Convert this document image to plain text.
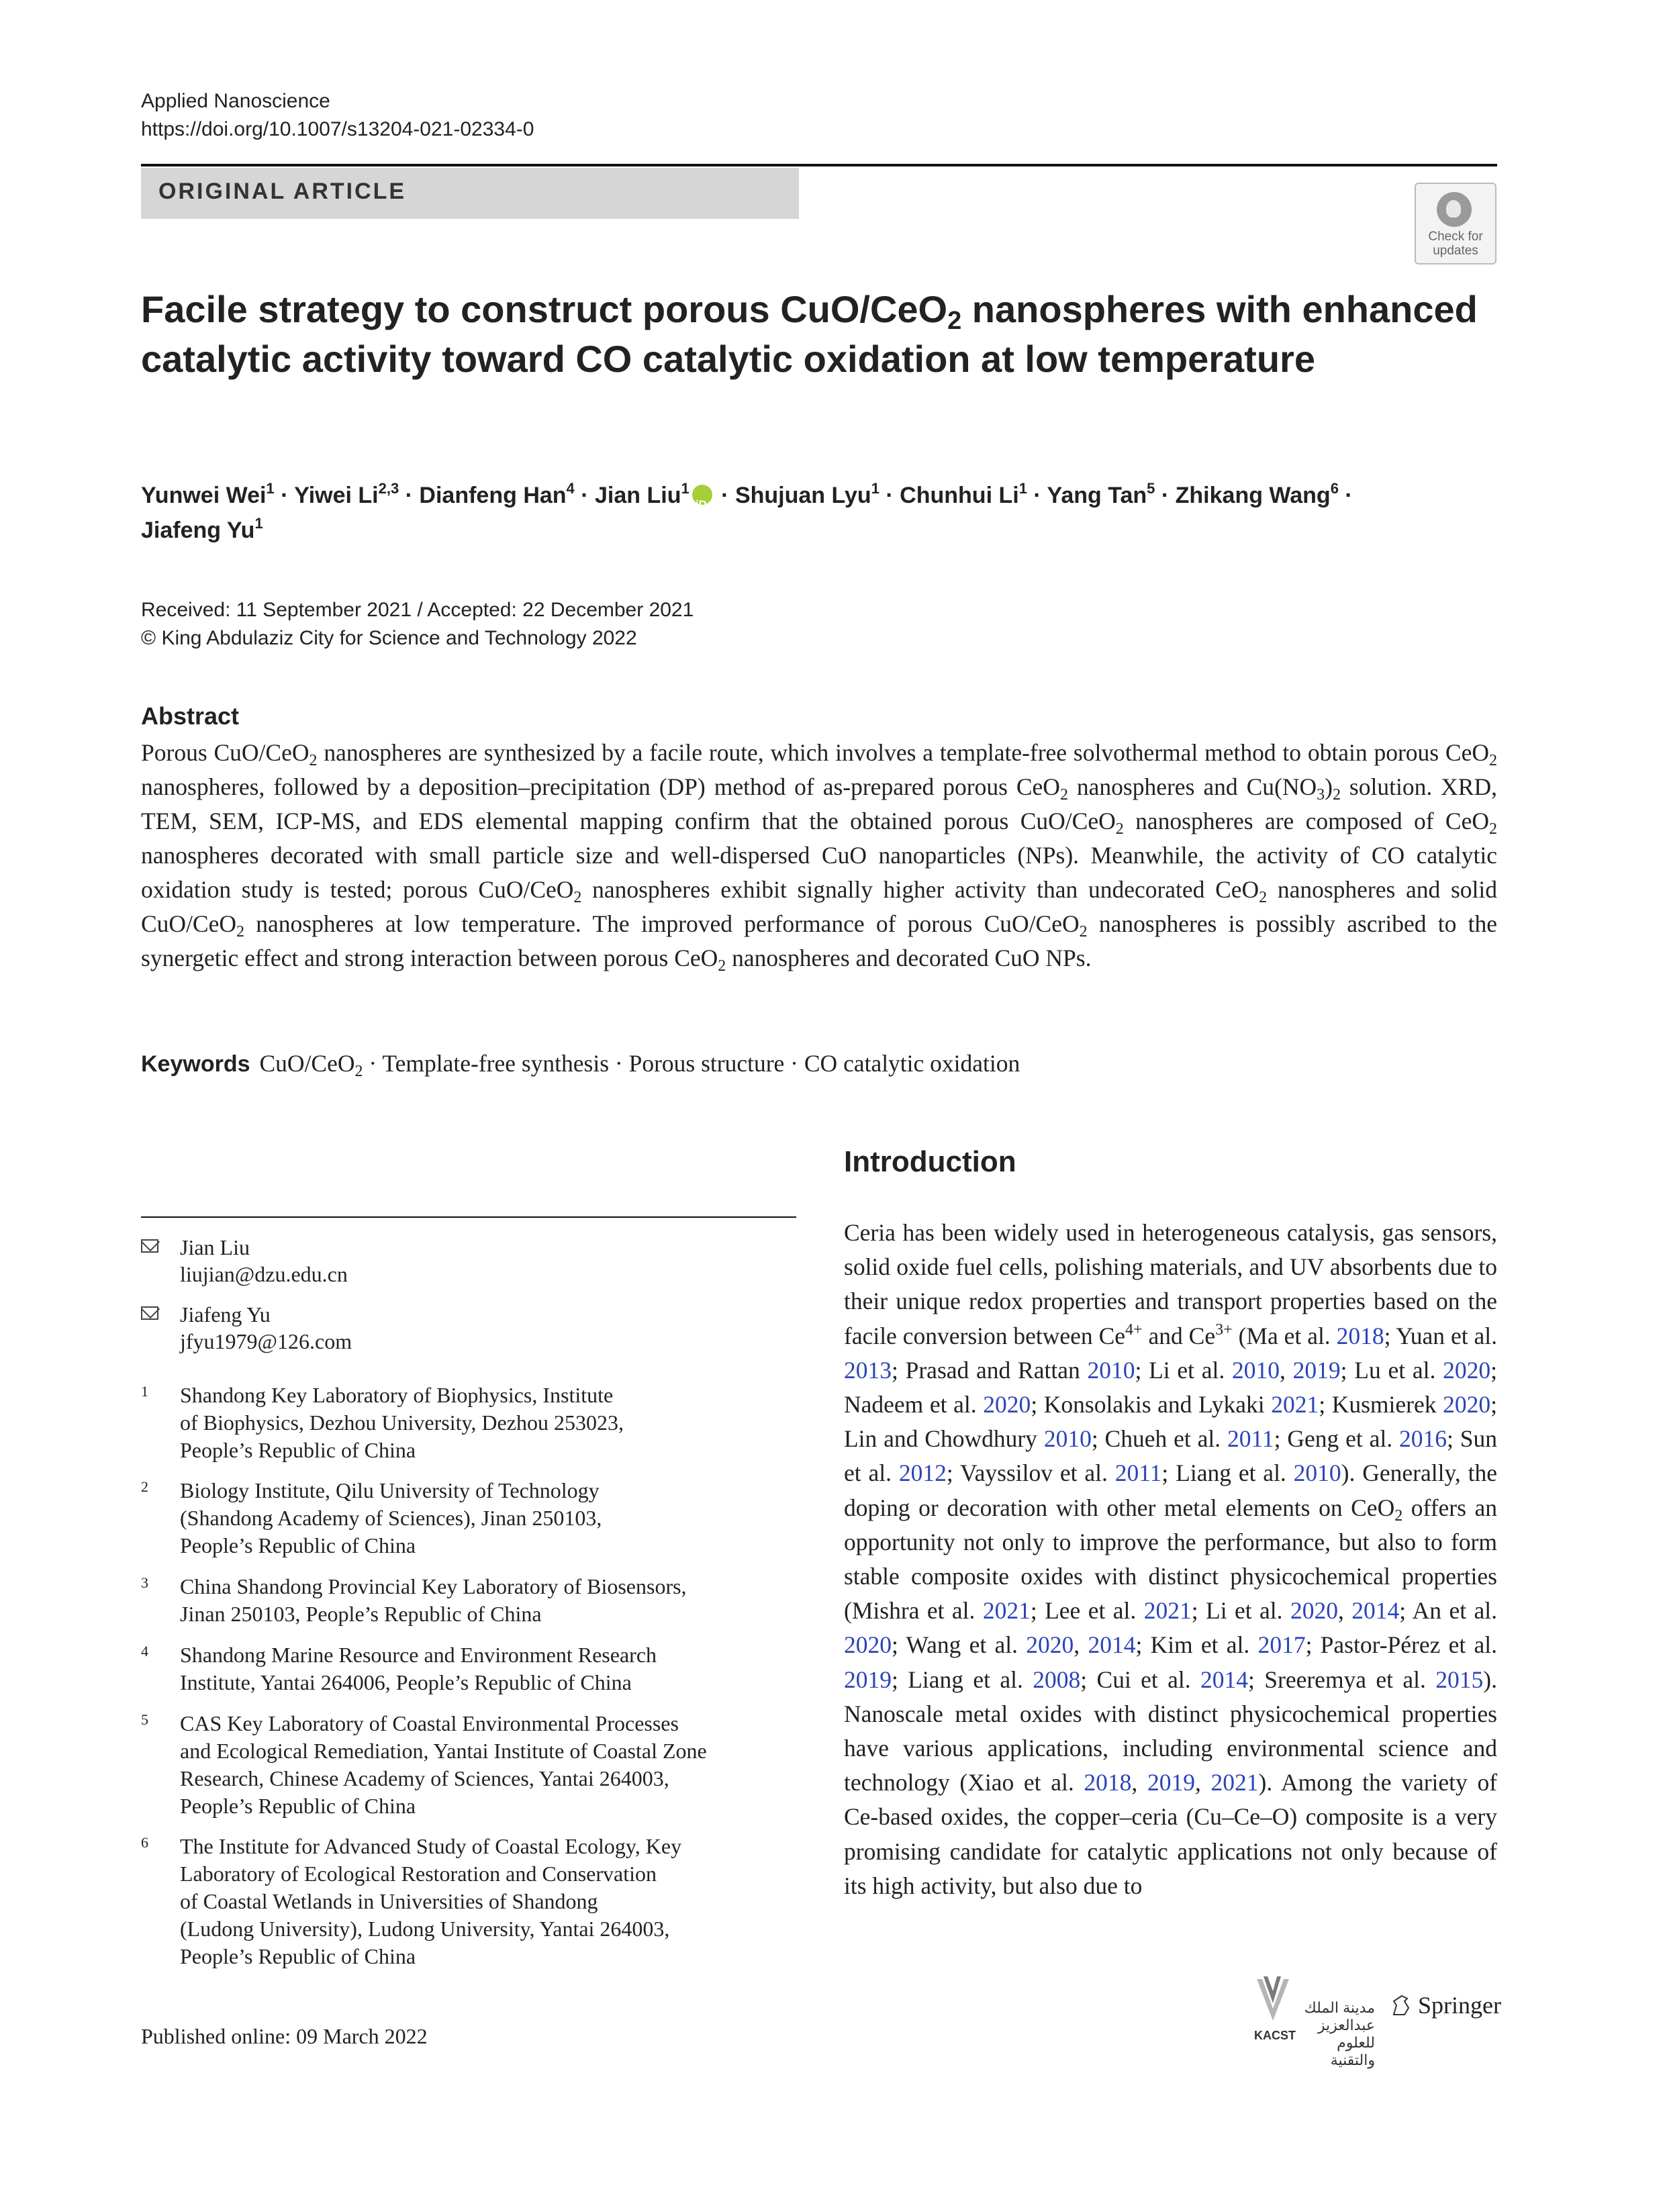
Applied Nanoscience
https://doi.org/10.1007/s13204-021-02334-0
ORIGINAL ARTICLE
Check for updates
Facile strategy to construct porous CuO/CeO$_2$ nanospheres with enhanced catalytic activity toward CO catalytic oxidation at low temperature
Yunwei Wei$^1$ · Yiwei Li$^{2,3}$ · Dianfeng Han$^4$ · Jian Liu$^1$iD · Shujuan Lyu$^1$ · Chunhui $Li^1$ · Yang Tan$^5$ · Zhikang Wang$^6$ ·
Jiafeng Yu$^1$
Received: 11 September 2021 / Accepted: 22 December 2021
© King Abdulaziz City for Science and Technology 2022
Abstract
Porous CuO/CeO$_2$ nanospheres are synthesized by a facile route, which involves a template-free solvothermal method to obtain porous CeO$_2$ nanospheres, followed by a deposition–precipitation (DP) method of as-prepared porous CeO$_2$ nanospheres and $Cu(NO_3)_2$ solution. XRD, TEM, SEM, ICP-MS, and EDS elemental mapping confirm that the obtained porous CuO/CeO$_2$ nanospheres are composed of CeO$_2$ nanospheres decorated with small particle size and well-dispersed CuO nanoparticles (NPs). Meanwhile, the activity of CO catalytic oxidation study is tested; porous CuO/CeO$_2$ nanospheres exhibit signally higher activity than undecorated CeO$_2$ nanospheres and solid CuO/CeO$_2$ nanospheres at low temperature. The improved performance of porous CuO/CeO$_2$ nanospheres is possibly ascribed to the synergetic effect and strong interaction between porous CeO$_2$ nanospheres and decorated CuO NPs.
Keywords CuO/CeO$_2$ · Template-free synthesis · Porous structure · CO catalytic oxidation
Introduction
Ceria has been widely used in heterogeneous catalysis, gas sensors, solid oxide fuel cells, polishing materials, and UV absorbents due to their unique redox properties and transport properties based on the facile conversion between $Ce^{4+}$ and $Ce^{3+}$ (Ma et al. 2018; Yuan et al. 2013; Prasad and Rattan 2010; Li et al. 2010, 2019; Lu et al. 2020; Nadeem et al. 2020; Konsolakis and Lykaki 2021; Kusmierek 2020; Lin and Chowdhury 2010; Chueh et al. 2011; Geng et al. 2016; Sun et al. 2012; Vayssilov et al. 2011; Liang et al. 2010). Generally, the doping or decoration with other metal elements on CeO$_2$ offers an opportunity not only to improve the performance, but also to form stable composite oxides with distinct physicochemical properties (Mishra et al. 2021; Lee et al. 2021; Li et al. 2020, 2014; An et al. 2020; Wang et al. 2020, 2014; Kim et al. 2017; Pastor-Pérez et al. 2019; Liang et al. 2008; Cui et al. 2014; Sreeremya et al. 2015). Nanoscale metal oxides with distinct physicochemical properties have various applications, including environmental science and technology (Xiao et al. 2018, 2019, 2021). Among the variety of Ce-based oxides, the copper–ceria (Cu–Ce–O) composite is a very promising candidate for catalytic applications not only because of its high activity, but also due to
Jian Liu
liujian@dzu.edu.cn
Jiafeng Yu
jfyu1979@126.com
1 Shandong Key Laboratory of Biophysics, Institute
of Biophysics, Dezhou University, Dezhou 253023,
People’s Republic of China
2 Biology Institute, Qilu University of Technology
(Shandong Academy of Sciences), Jinan 250103,
People’s Republic of China
3 China Shandong Provincial Key Laboratory of Biosensors,
Jinan 250103, People’s Republic of China
4 Shandong Marine Resource and Environment Research
Institute, Yantai 264006, People’s Republic of China
5 CAS Key Laboratory of Coastal Environmental Processes
and Ecological Remediation, Yantai Institute of Coastal Zone
Research, Chinese Academy of Sciences, Yantai 264003,
People’s Republic of China
6 The Institute for Advanced Study of Coastal Ecology, Key
Laboratory of Ecological Restoration and Conservation
of Coastal Wetlands in Universities of Shandong
(Ludong University), Ludong University, Yantai 264003,
People’s Republic of China
Published online: 09 March 2022
مدينة الملك عبدالعزيز للعلوم والتقنية
KACST
Springer
